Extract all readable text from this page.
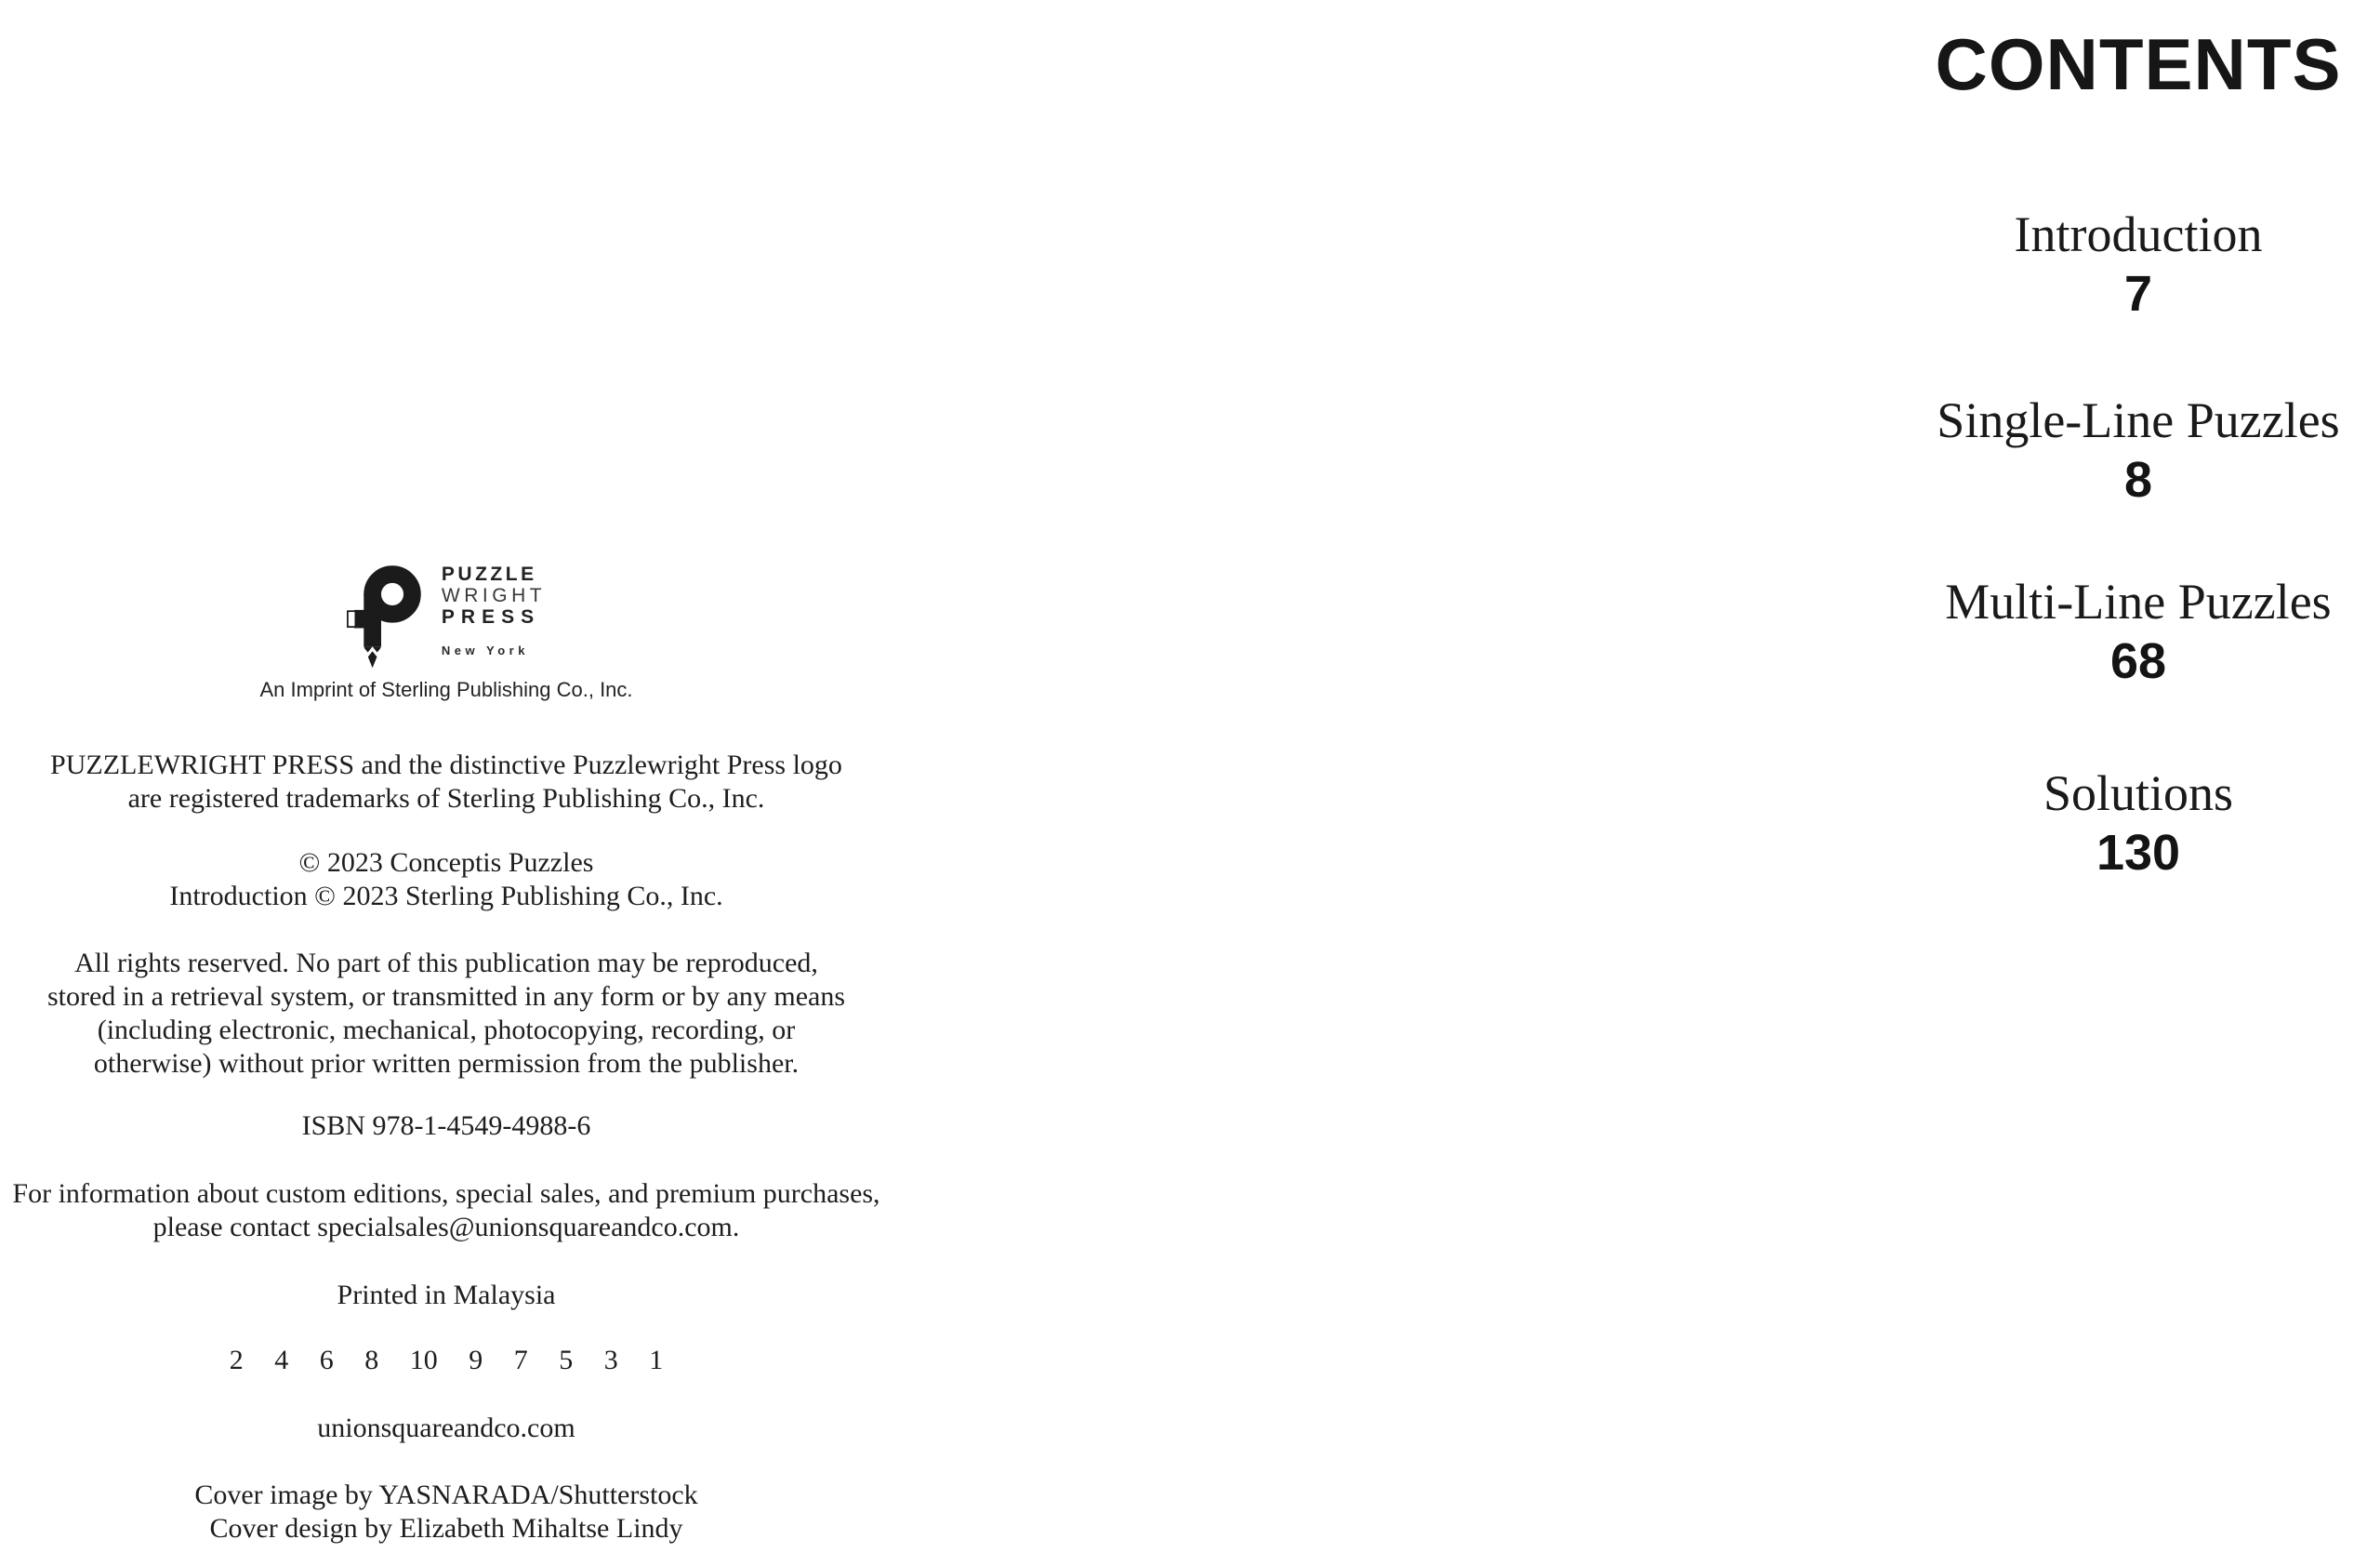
PUZZLE
WRIGHT
PRESS
New York
An Imprint of Sterling Publishing Co., Inc.
PUZZLEWRIGHT PRESS and the distinctive Puzzlewright Press logo
are registered trademarks of Sterling Publishing Co., Inc.
© 2023 Conceptis Puzzles
Introduction © 2023 Sterling Publishing Co., Inc.
All rights reserved. No part of this publication may be reproduced,
stored in a retrieval system, or transmitted in any form or by any means
(including electronic, mechanical, photocopying, recording, or
otherwise) without prior written permission from the publisher.
ISBN 978-1-4549-4988-6
For information about custom editions, special sales, and premium purchases,
please contact specialsales@unionsquareandco.com.
Printed in Malaysia
2 4 6 8 10 9 7 5 3 1
unionsquareandco.com
Cover image by YASNARADA/Shutterstock
Cover design by Elizabeth Mihaltse Lindy
CONTENTS
Introduction
7
Single-Line Puzzles
8
Multi-Line Puzzles
68
Solutions
130
